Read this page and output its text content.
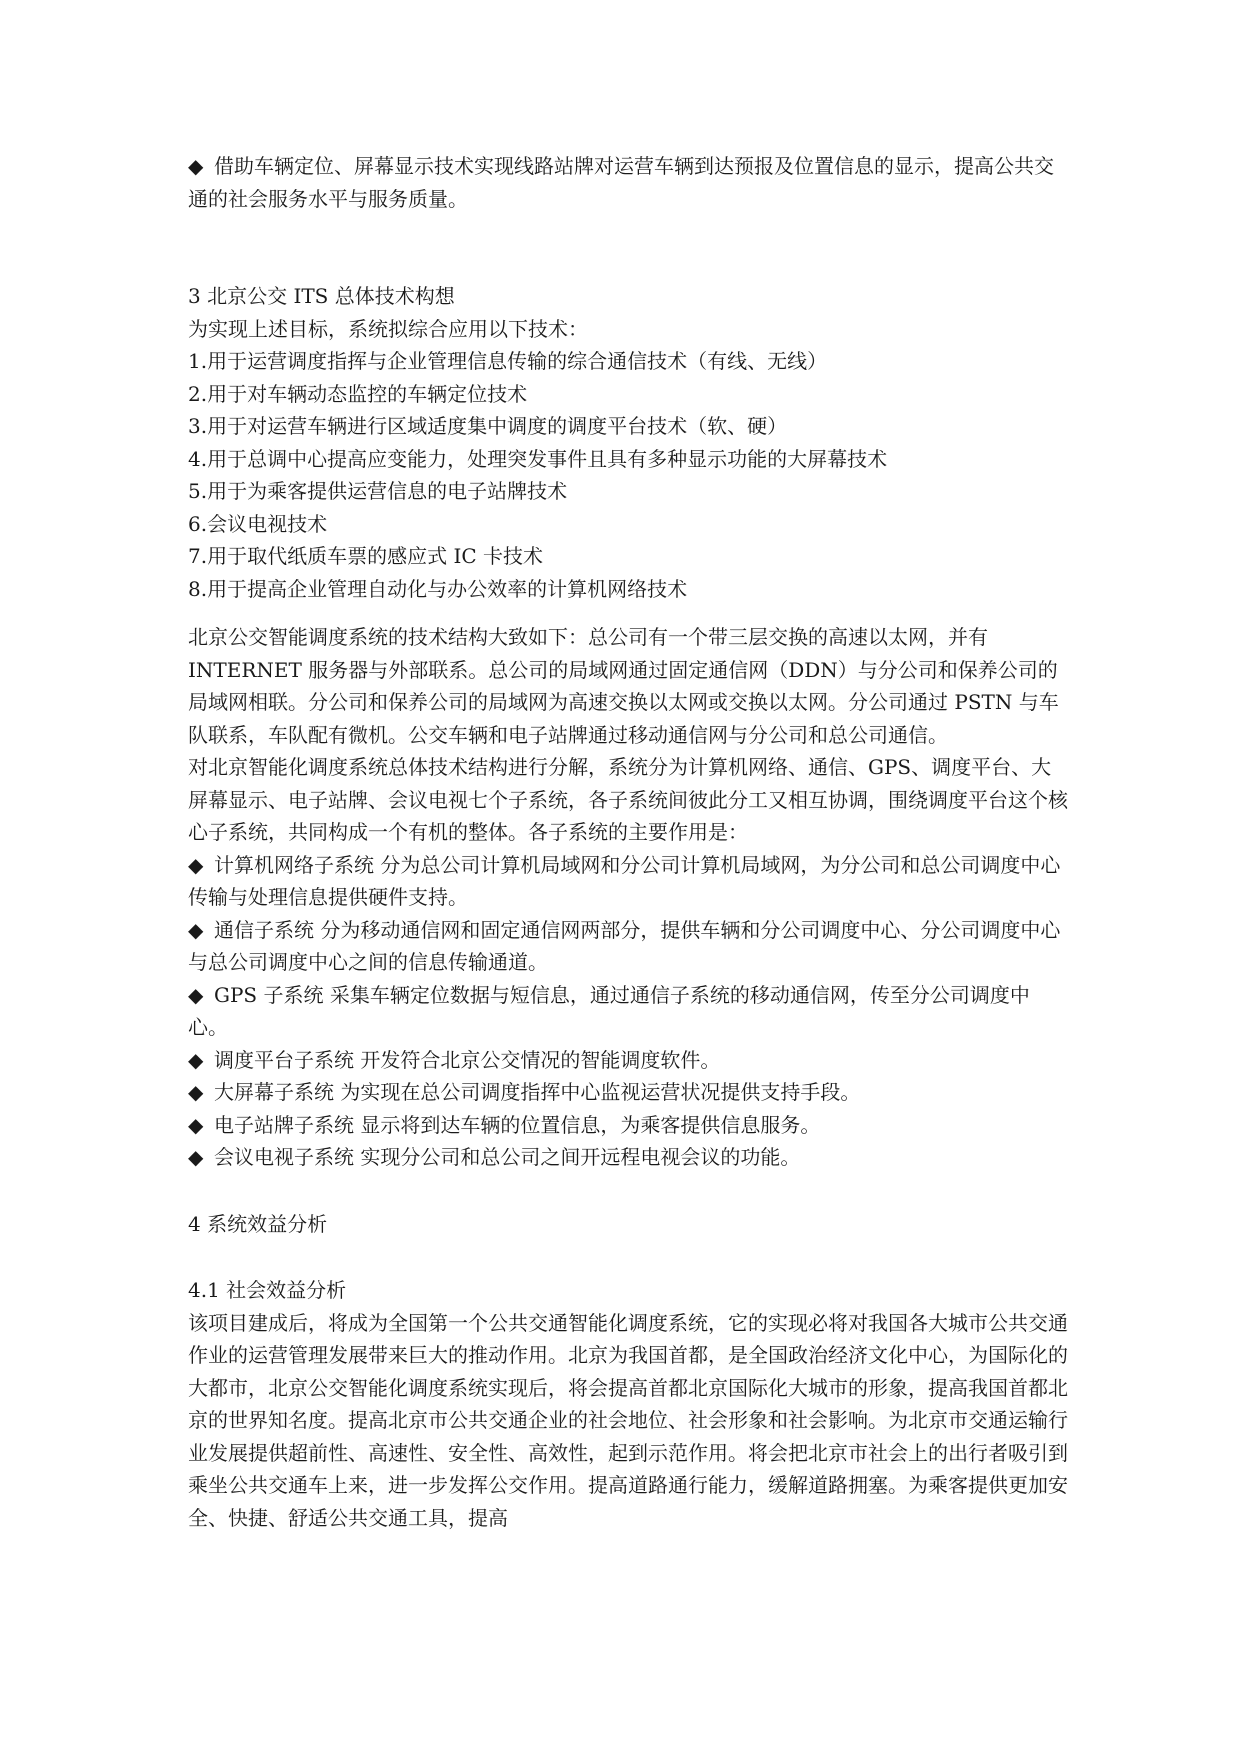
◆ 借助车辆定位、屏幕显示技术实现线路站牌对运营车辆到达预报及位置信息的显示，提高公共交通的社会服务水平与服务质量。

3 北京公交 ITS 总体技术构想

为实现上述目标，系统拟综合应用以下技术：

1.用于运营调度指挥与企业管理信息传输的综合通信技术（有线、无线）

2.用于对车辆动态监控的车辆定位技术

3.用于对运营车辆进行区域适度集中调度的调度平台技术（软、硬）

4.用于总调中心提高应变能力，处理突发事件且具有多种显示功能的大屏幕技术

5.用于为乘客提供运营信息的电子站牌技术

6.会议电视技术

7.用于取代纸质车票的感应式 IC 卡技术

8.用于提高企业管理自动化与办公效率的计算机网络技术

北京公交智能调度系统的技术结构大致如下：总公司有一个带三层交换的高速以太网，并有 INTERNET 服务器与外部联系。总公司的局域网通过固定通信网（DDN）与分公司和保养公司的局域网相联。分公司和保养公司的局域网为高速交换以太网或交换以太网。分公司通过 PSTN 与车队联系，车队配有微机。公交车辆和电子站牌通过移动通信网与分公司和总公司通信。

对北京智能化调度系统总体技术结构进行分解，系统分为计算机网络、通信、GPS、调度平台、大屏幕显示、电子站牌、会议电视七个子系统，各子系统间彼此分工又相互协调，围绕调度平台这个核心子系统，共同构成一个有机的整体。各子系统的主要作用是：

◆ 计算机网络子系统 分为总公司计算机局域网和分公司计算机局域网，为分公司和总公司调度中心传输与处理信息提供硬件支持。

◆ 通信子系统 分为移动通信网和固定通信网两部分，提供车辆和分公司调度中心、分公司调度中心与总公司调度中心之间的信息传输通道。

◆ GPS 子系统 采集车辆定位数据与短信息，通过通信子系统的移动通信网，传至分公司调度中心。

◆ 调度平台子系统 开发符合北京公交情况的智能调度软件。

◆ 大屏幕子系统 为实现在总公司调度指挥中心监视运营状况提供支持手段。

◆ 电子站牌子系统 显示将到达车辆的位置信息，为乘客提供信息服务。

◆ 会议电视子系统 实现分公司和总公司之间开远程电视会议的功能。

4 系统效益分析

4.1 社会效益分析

该项目建成后，将成为全国第一个公共交通智能化调度系统，它的实现必将对我国各大城市公共交通作业的运营管理发展带来巨大的推动作用。北京为我国首都，是全国政治经济文化中心，为国际化的大都市，北京公交智能化调度系统实现后，将会提高首都北京国际化大城市的形象，提高我国首都北京的世界知名度。提高北京市公共交通企业的社会地位、社会形象和社会影响。为北京市交通运输行业发展提供超前性、高速性、安全性、高效性，起到示范作用。将会把北京市社会上的出行者吸引到乘坐公共交通车上来，进一步发挥公交作用。提高道路通行能力，缓解道路拥塞。为乘客提供更加安全、快捷、舒适公共交通工具，提高
